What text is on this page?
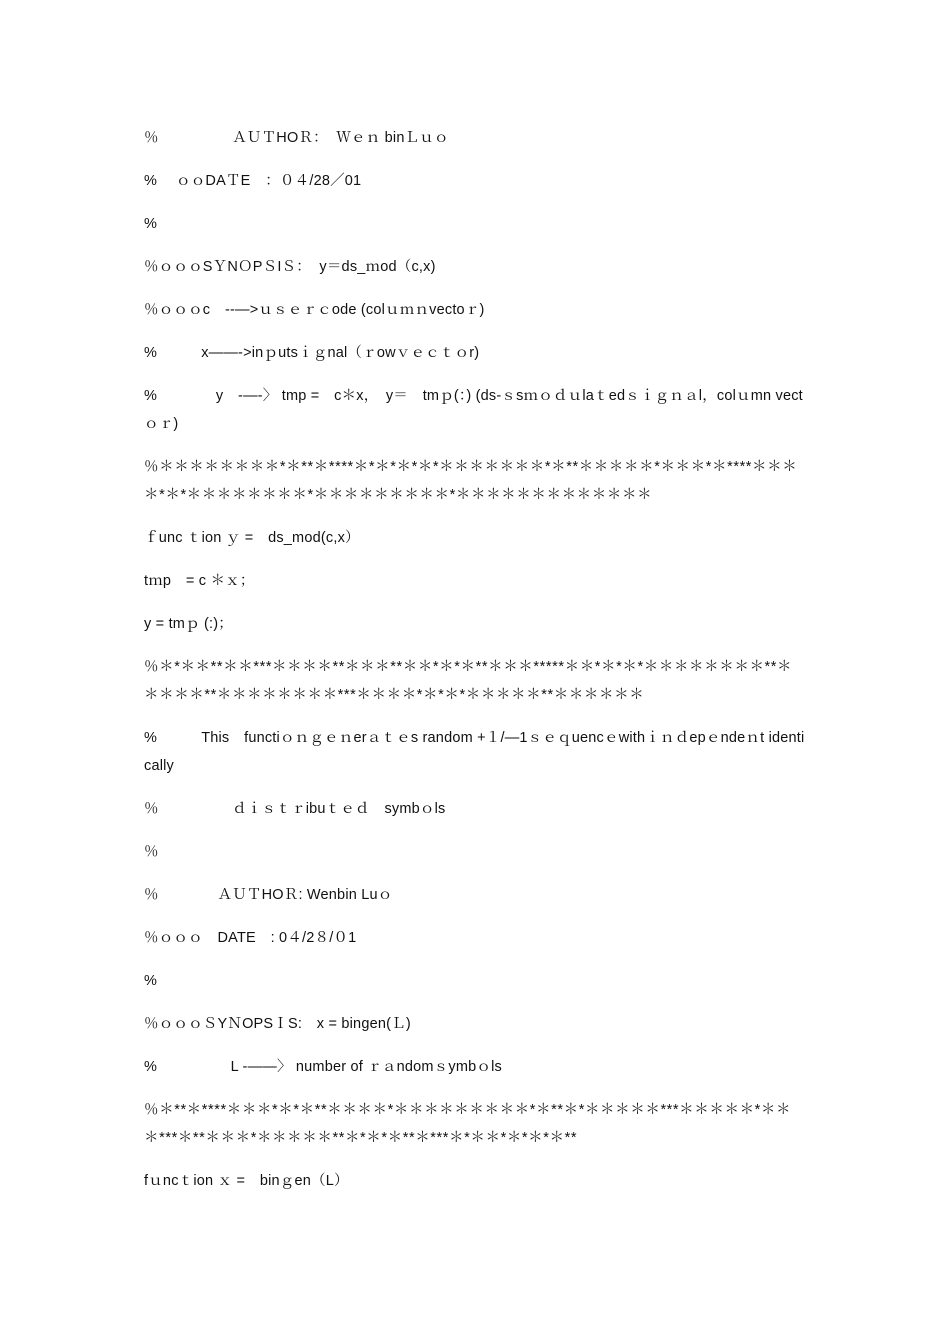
％　　　　　ＡＵＴHOＲ：  Ｗｅｎ binＬｕｏ
%　 ｏｏDAＴE　：０４/28／01
%
％ｏｏｏSＹNＯPＳIＳ：  y＝ds_ｍod（c,x)
％ｏｏｏc　--—>ｕｓｅｒｃode (colｕｍｎvectoｒ)
%　　　x——->inｐutsｉｇnal（ｒowｖｅｃｔｏr)
%　　　　y　-—-〉 tmp =　c＊x，　y＝　tmｐ(：) (ds-ｓsｍｏｄｕlaｔedｓｉｇｎａl，colｕmn vectｏｒ)
％＊＊＊＊＊＊＊＊*＊**＊****＊*＊*＊*＊*＊＊＊＊＊＊＊*＊**＊＊＊＊＊*＊＊＊*＊****＊＊＊＊*＊*＊＊＊＊＊＊＊＊*＊＊＊＊＊＊＊＊＊*＊＊＊＊＊＊＊＊＊＊＊＊＊
ｆunc ｔion ｙ =　ds_mod(c,x）
tｍp　= c ＊ｘ；
y = tmｐ (:)；
％＊*＊＊**＊＊***＊＊＊＊**＊＊＊**＊＊*＊*＊**＊＊＊*****＊＊*＊*＊*＊＊＊＊＊＊＊＊**＊＊＊＊＊**＊＊＊＊＊＊＊＊***＊＊＊＊*＊*＊*＊＊＊＊＊**＊＊＊＊＊＊
%　　　This　functiｏｎｇｅｎerａｔｅs random +１/—1ｓｅｑuencｅwithｉｎｄepｅndeｎt identically
％　　　　　ｄｉｓｔｒibuｔｅｄ　symbｏls
％
％　　　　ＡＵＴHOＲ: Wenbin Luｏ
％ｏｏｏ　DATE　: 0４/2８/０1
%
％ｏｏｏＳYＮOPSＩS:　x = bingen(Ｌ)
%　　　　　L -——〉 number of ｒａndomｓymbｏls
％＊**＊****＊＊＊*＊*＊**＊＊＊＊*＊＊＊＊＊＊＊＊＊*＊**＊*＊＊＊＊＊***＊＊＊＊＊*＊＊＊***＊**＊＊＊*＊＊＊＊＊**＊*＊*＊**＊***＊*＊＊*＊*＊*＊**
fｕncｔion ｘ =　binｇen（L）
